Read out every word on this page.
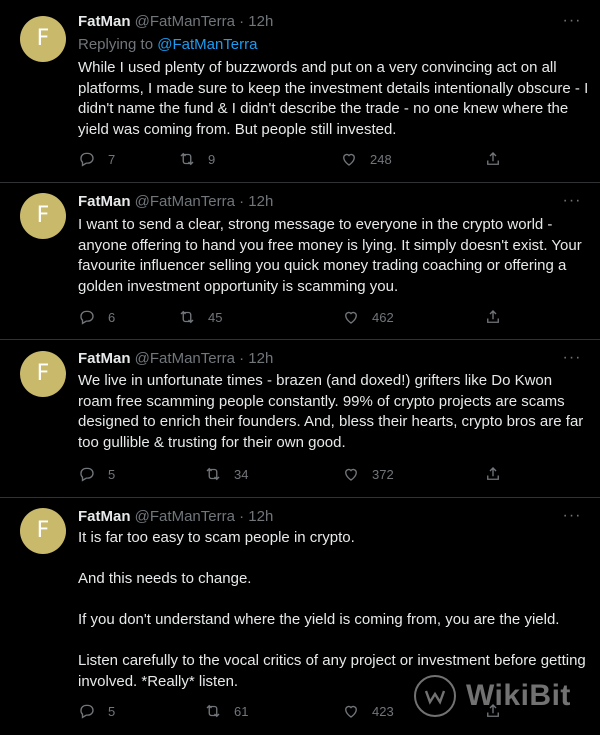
F
FatMan @FatManTerra · 12h	···
Replying to @FatManTerra
While I used plenty of buzzwords and put on a very convincing act on all platforms, I made sure to keep the investment details intentionally obscure - I didn't name the fund & I didn't describe the trade - no one knew where the yield was coming from. But people still invested.
7	9	248
F
FatMan @FatManTerra · 12h	···
I want to send a clear, strong message to everyone in the crypto world - anyone offering to hand you free money is lying. It simply doesn't exist. Your favourite influencer selling you quick money trading coaching or offering a golden investment opportunity is scamming you.
6	45	462
F
FatMan @FatManTerra · 12h	···
We live in unfortunate times - brazen (and doxed!) grifters like Do Kwon roam free scamming people constantly. 99% of crypto projects are scams designed to enrich their founders. And, bless their hearts, crypto bros are far too gullible & trusting for their own good.
5	34	372
F
FatMan @FatManTerra · 12h	···
It is far too easy to scam people in crypto.

And this needs to change.

If you don't understand where the yield is coming from, you are the yield.

Listen carefully to the vocal critics of any project or investment before getting involved. *Really* listen.
5	61	423 WikiBit
